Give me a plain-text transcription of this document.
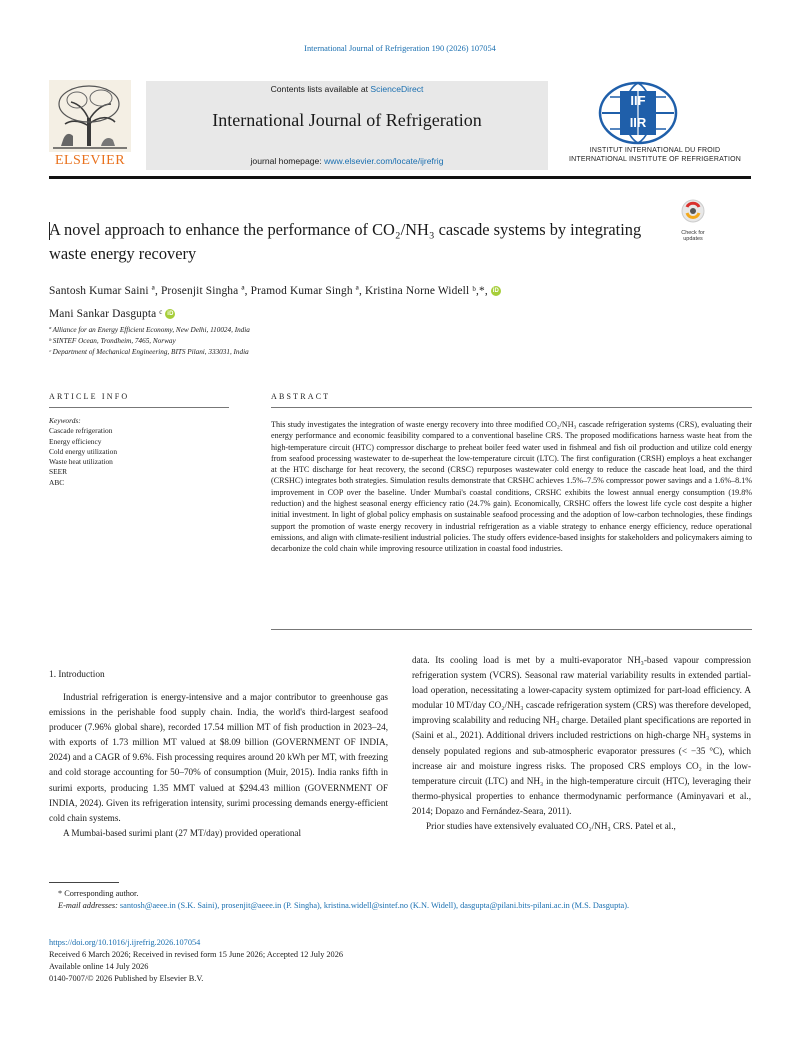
International Journal of Refrigeration 190 (2026) 107054
Contents lists available at ScienceDirect
International Journal of Refrigeration
journal homepage: www.elsevier.com/locate/ijrefrig
ELSEVIER
IIF
IIR
INSTITUT INTERNATIONAL DU FROID
INTERNATIONAL INSTITUTE OF REFRIGERATION
A novel approach to enhance the performance of CO₂/NH₃ cascade systems by integrating waste energy recovery
Check for updates
Santosh Kumar Saini ª, Prosenjit Singha ª, Pramod Kumar Singh ª, Kristina Norne Widell ᵇ,*, iD
Mani Sankar Dasgupta ᶜ iD
ª Alliance for an Energy Efficient Economy, New Delhi, 110024, India
ᵇ SINTEF Ocean, Trondheim, 7465, Norway
ᶜ Department of Mechanical Engineering, BITS Pilani, 333031, India
ARTICLE INFO	ABSTRACT
Keywords:
Cascade refrigeration
Energy efficiency
Cold energy utilization
Waste heat utilization
SEER
ABC
This study investigates the integration of waste energy recovery into three modified CO₂/NH₃ cascade refrigeration systems (CRS), evaluating their energy performance and economic feasibility compared to a conventional baseline CRS. The proposed modifications harness waste heat from the high-temperature circuit (HTC) compressor discharge to preheat boiler feed water used in fishmeal and fish oil production and utilize cold energy from seafood processing wastewater to de-superheat the low-temperature circuit (LTC). The first configuration (CRSH) employs a heat exchanger at the HTC discharge for heat recovery, the second (CRSC) repurposes wastewater cold energy to reduce the cascade heat load, and the third (CRSHC) integrates both strategies. Simulation results demonstrate that CRSHC achieves 1.5%–7.5% compressor power savings and a 1.6%–8.1% improvement in COP over the baseline. Under Mumbai's coastal conditions, CRSHC exhibits the lowest annual energy consumption (19.8% reduction) and the highest seasonal energy efficiency ratio (24.7% gain). Economically, CRSHC offers the lowest life cycle cost despite a higher initial investment. In light of global policy emphasis on sustainable seafood processing and the adoption of low-carbon technologies, these findings support the promotion of waste energy recovery in industrial refrigeration as a viable strategy to enhance energy efficiency, reduce operational emissions, and align with climate-resilient industrial policies. The study offers evidence-based insights for stakeholders and policymakers aiming to decarbonize the cold chain while improving resource utilization in coastal food industries.
1. Introduction
Industrial refrigeration is energy-intensive and a major contributor to greenhouse gas emissions in the perishable food supply chain. India, the world's third-largest seafood producer (7.96% global share), recorded 17.54 million MT of fish production in 2023–24, with exports of 1.73 million MT valued at $8.09 billion (GOVERNMENT OF INDIA, 2024) and a CAGR of 9.6%. Fish processing requires around 20 kWh per MT, with freezing and cold storage accounting for 50–70% of consumption (Muir, 2015). India ranks fifth in surimi exports, producing 1.35 MMT valued at $294.43 million (GOVERNMENT OF INDIA, 2024). Given its refrigeration intensity, surimi processing demands energy-efficient cold chain systems.
A Mumbai-based surimi plant (27 MT/day) provided operational
data. Its cooling load is met by a multi-evaporator NH₃-based vapour compression refrigeration system (VCRS). Seasonal raw material variability results in extended partial-load operation, necessitating a lower-capacity system optimized for part-load efficiency. A modular 10 MT/day CO₂/NH₃ cascade refrigeration system (CRS) was therefore developed, improving scalability and reducing NH₃ charge. Detailed plant specifications are reported in (Saini et al., 2021). Additional drivers included restrictions on high-charge NH₃ systems in densely populated regions and sub-atmospheric evaporator pressures (< −35 °C), which increase air and moisture ingress risks. The proposed CRS employs CO₂ in the low-temperature circuit (LTC) and NH₃ in the high-temperature circuit (HTC), leveraging their thermo-physical properties to enhance thermodynamic performance (Aminyavari et al., 2014; Dopazo and Fernández-Seara, 2011).
Prior studies have extensively evaluated CO₂/NH₃ CRS. Patel et al.,
* Corresponding author.
E-mail addresses: santosh@aeee.in (S.K. Saini), prosenjit@aeee.in (P. Singha), kristina.widell@sintef.no (K.N. Widell), dasgupta@pilani.bits-pilani.ac.in (M.S. Dasgupta).
https://doi.org/10.1016/j.ijrefrig.2026.107054
Received 6 March 2026; Received in revised form 15 June 2026; Accepted 12 July 2026
Available online 14 July 2026
0140-7007/© 2026 Published by Elsevier B.V.
